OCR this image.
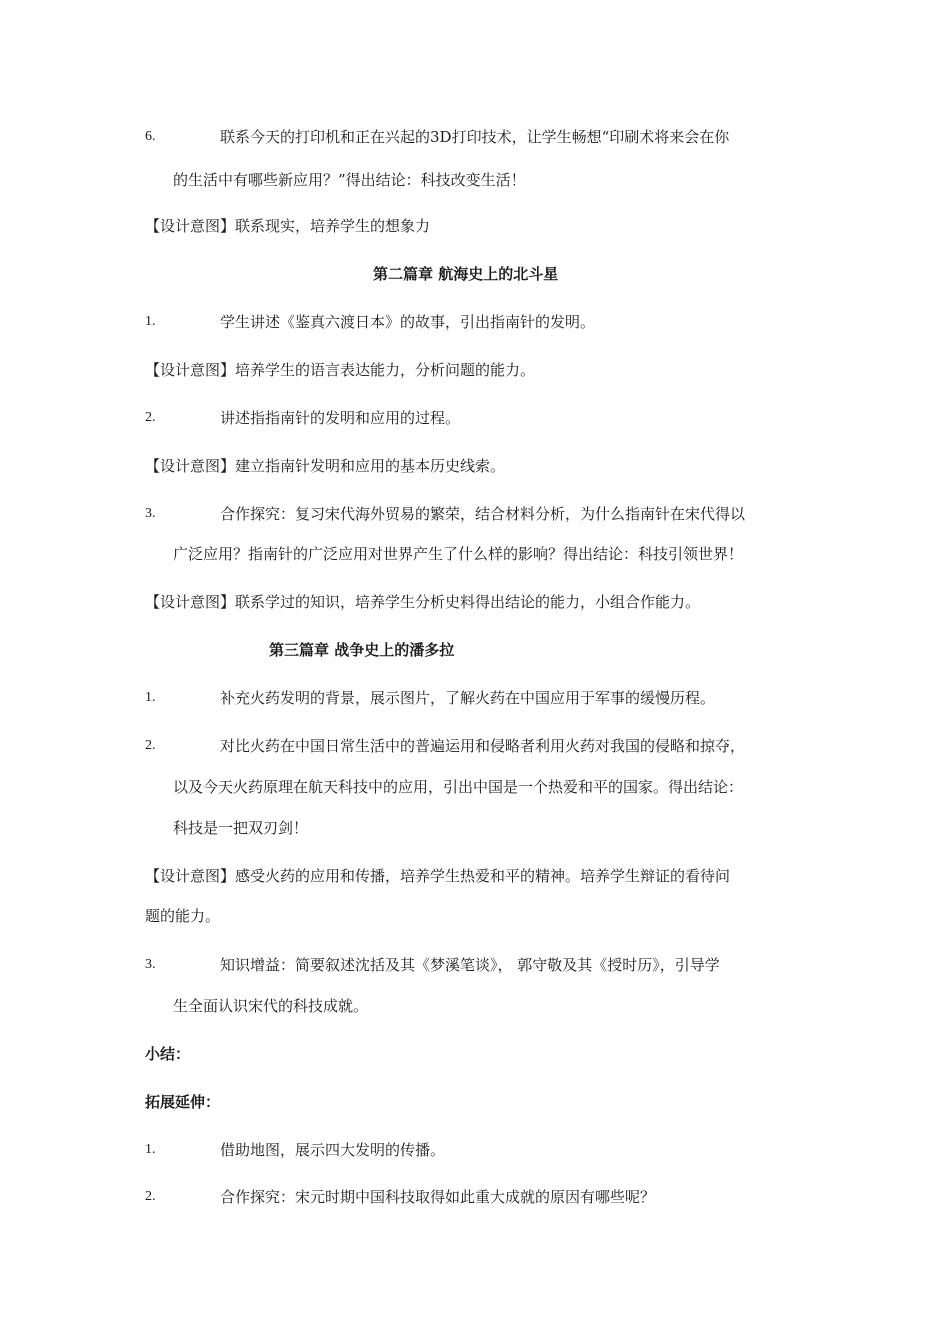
6.	联系今天的打印机和正在兴起的3D打印技术，让学生畅想“印刷术将来会在你
的生活中有哪些新应用？”得出结论：科技改变生活！
【设计意图】联系现实，培养学生的想象力
第二篇章 航海史上的北斗星
1.	学生讲述《鉴真六渡日本》的故事，引出指南针的发明。
【设计意图】培养学生的语言表达能力，分析问题的能力。
2.	讲述指指南针的发明和应用的过程。
【设计意图】建立指南针发明和应用的基本历史线索。
3.	合作探究：复习宋代海外贸易的繁荣，结合材料分析，为什么指南针在宋代得以
广泛应用？指南针的广泛应用对世界产生了什么样的影响？得出结论：科技引领世界！
【设计意图】联系学过的知识，培养学生分析史料得出结论的能力，小组合作能力。
第三篇章 战争史上的潘多拉
1.	补充火药发明的背景，展示图片，了解火药在中国应用于军事的缓慢历程。
2.	对比火药在中国日常生活中的普遍运用和侵略者利用火药对我国的侵略和掠夺，
以及今天火药原理在航天科技中的应用，引出中国是一个热爱和平的国家。得出结论：
科技是一把双刃剑！
【设计意图】感受火药的应用和传播，培养学生热爱和平的精神。培养学生辩证的看待问
题的能力。
3.	知识增益：简要叙述沈括及其《梦溪笔谈》， 郭守敬及其《授时历》，引导学
生全面认识宋代的科技成就。
小结：
拓展延伸：
1.	借助地图，展示四大发明的传播。
2.	合作探究：宋元时期中国科技取得如此重大成就的原因有哪些呢？
